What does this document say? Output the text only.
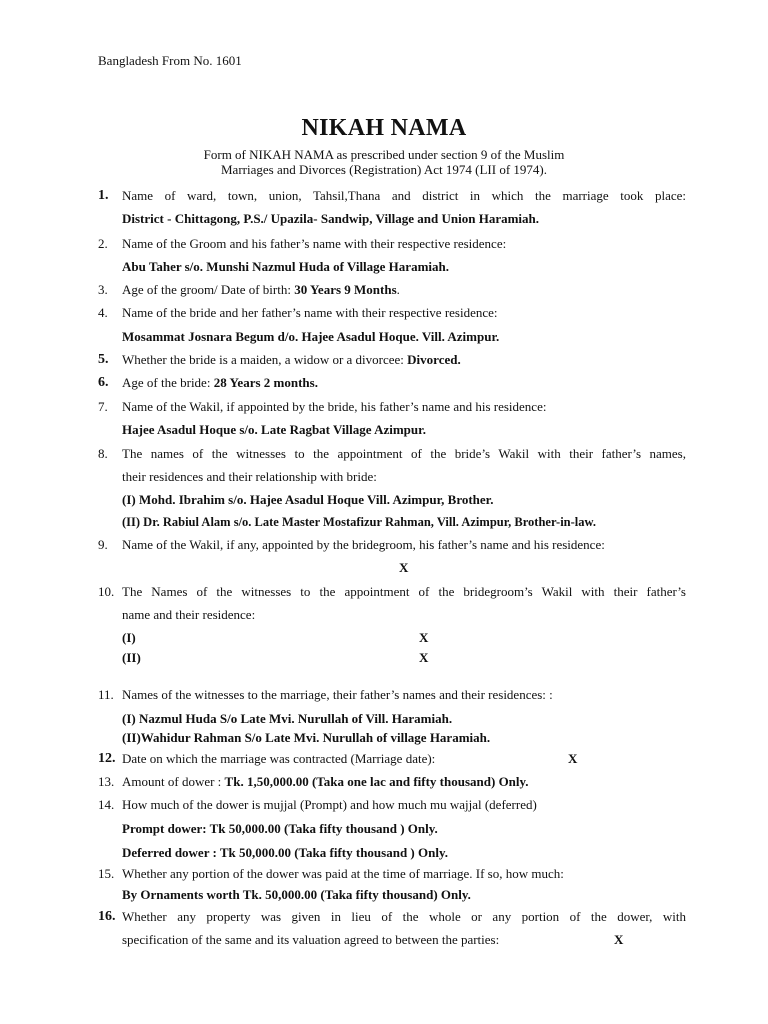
Bangladesh From No. 1601
NIKAH NAMA
Form of NIKAH NAMA as prescribed under section 9 of the Muslim
Marriages and Divorces (Registration) Act 1974 (LII of 1974).
1. Name of ward, town, union, Tahsil,Thana and district in which the marriage took place:
District - Chittagong, P.S./ Upazila- Sandwip, Village and Union Haramiah.
2. Name of the Groom and his father’s name with their respective residence:
Abu Taher s/o. Munshi Nazmul Huda of Village Haramiah.
3. Age of the groom/ Date of birth: 30 Years 9 Months.
4. Name of the bride and her father’s name with their respective residence:
Mosammat Josnara Begum d/o. Hajee Asadul Hoque. Vill. Azimpur.
5. Whether the bride is a maiden, a widow or a divorcee: Divorced.
6. Age of the bride: 28 Years 2 months.
7. Name of the Wakil, if appointed by the bride, his father’s name and his residence:
Hajee Asadul Hoque s/o. Late Ragbat Village Azimpur.
8. The names of the witnesses to the appointment of the bride’s Wakil with their father’s names,
their residences and their relationship with bride:
(I) Mohd. Ibrahim s/o. Hajee Asadul Hoque Vill. Azimpur, Brother.
(II) Dr. Rabiul Alam s/o. Late Master Mostafizur Rahman, Vill. Azimpur, Brother-in-law.
9. Name of the Wakil, if any, appointed by the bridegroom, his father’s name and his residence:
X
10. The Names of the witnesses to the appointment of the bridegroom’s Wakil with their father’s
name and their residence:
(I)	X
(II)	X
11. Names of the witnesses to the marriage, their father’s names and their residences: :
(I) Nazmul Huda S/o Late Mvi. Nurullah of Vill. Haramiah.
(II)Wahidur Rahman S/o Late Mvi. Nurullah of village Haramiah.
12. Date on which the marriage was contracted (Marriage date):	X
13. Amount of dower : Tk. 1,50,000.00 (Taka one lac and fifty thousand) Only.
14. How much of the dower is mujjal (Prompt) and how much mu wajjal (deferred)
Prompt dower: Tk 50,000.00 (Taka fifty thousand ) Only.
Deferred dower : Tk 50,000.00 (Taka fifty thousand ) Only.
15. Whether any portion of the dower was paid at the time of marriage. If so, how much:
By Ornaments worth Tk. 50,000.00 (Taka fifty thousand) Only.
16. Whether any property was given in lieu of the whole or any portion of the dower, with
specification of the same and its valuation agreed to between the parties:	X
